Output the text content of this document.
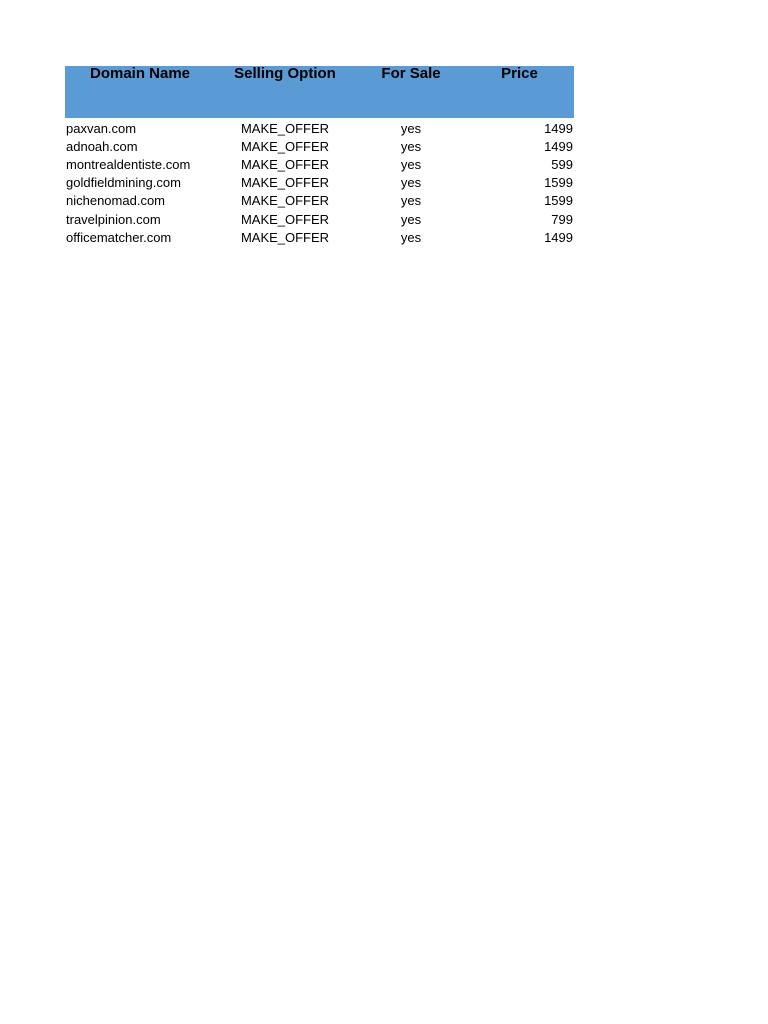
Domain Name	Selling Option	For Sale	Price
paxvan.com	MAKE_OFFER	yes	1499
adnoah.com	MAKE_OFFER	yes	1499
montrealdentiste.com	MAKE_OFFER	yes	599
goldfieldmining.com	MAKE_OFFER	yes	1599
nichenomad.com	MAKE_OFFER	yes	1599
travelpinion.com	MAKE_OFFER	yes	799
officematcher.com	MAKE_OFFER	yes	1499
